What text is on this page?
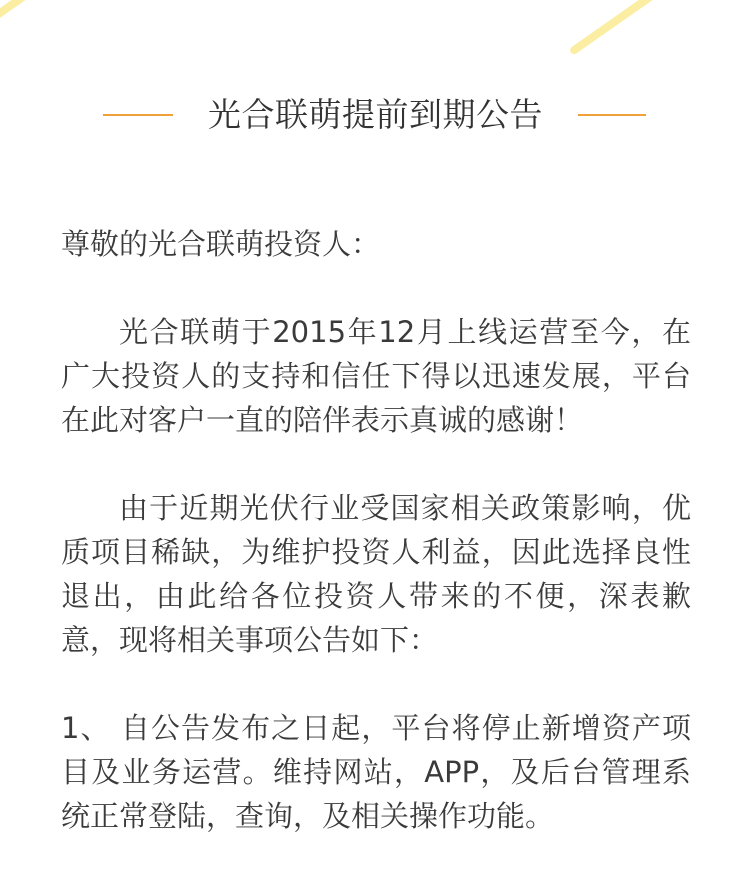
光合联萌提前到期公告
尊敬的光合联萌投资人：
光合联萌于2015年12月上线运营至今，在广大投资人的支持和信任下得以迅速发展，平台在此对客户一直的陪伴表示真诚的感谢！
由于近期光伏行业受国家相关政策影响，优质项目稀缺，为维护投资人利益，因此选择良性退出，由此给各位投资人带来的不便，深表歉意，现将相关事项公告如下：
1、 自公告发布之日起，平台将停止新增资产项目及业务运营。维持网站，APP，及后台管理系统正常登陆，查询，及相关操作功能。
